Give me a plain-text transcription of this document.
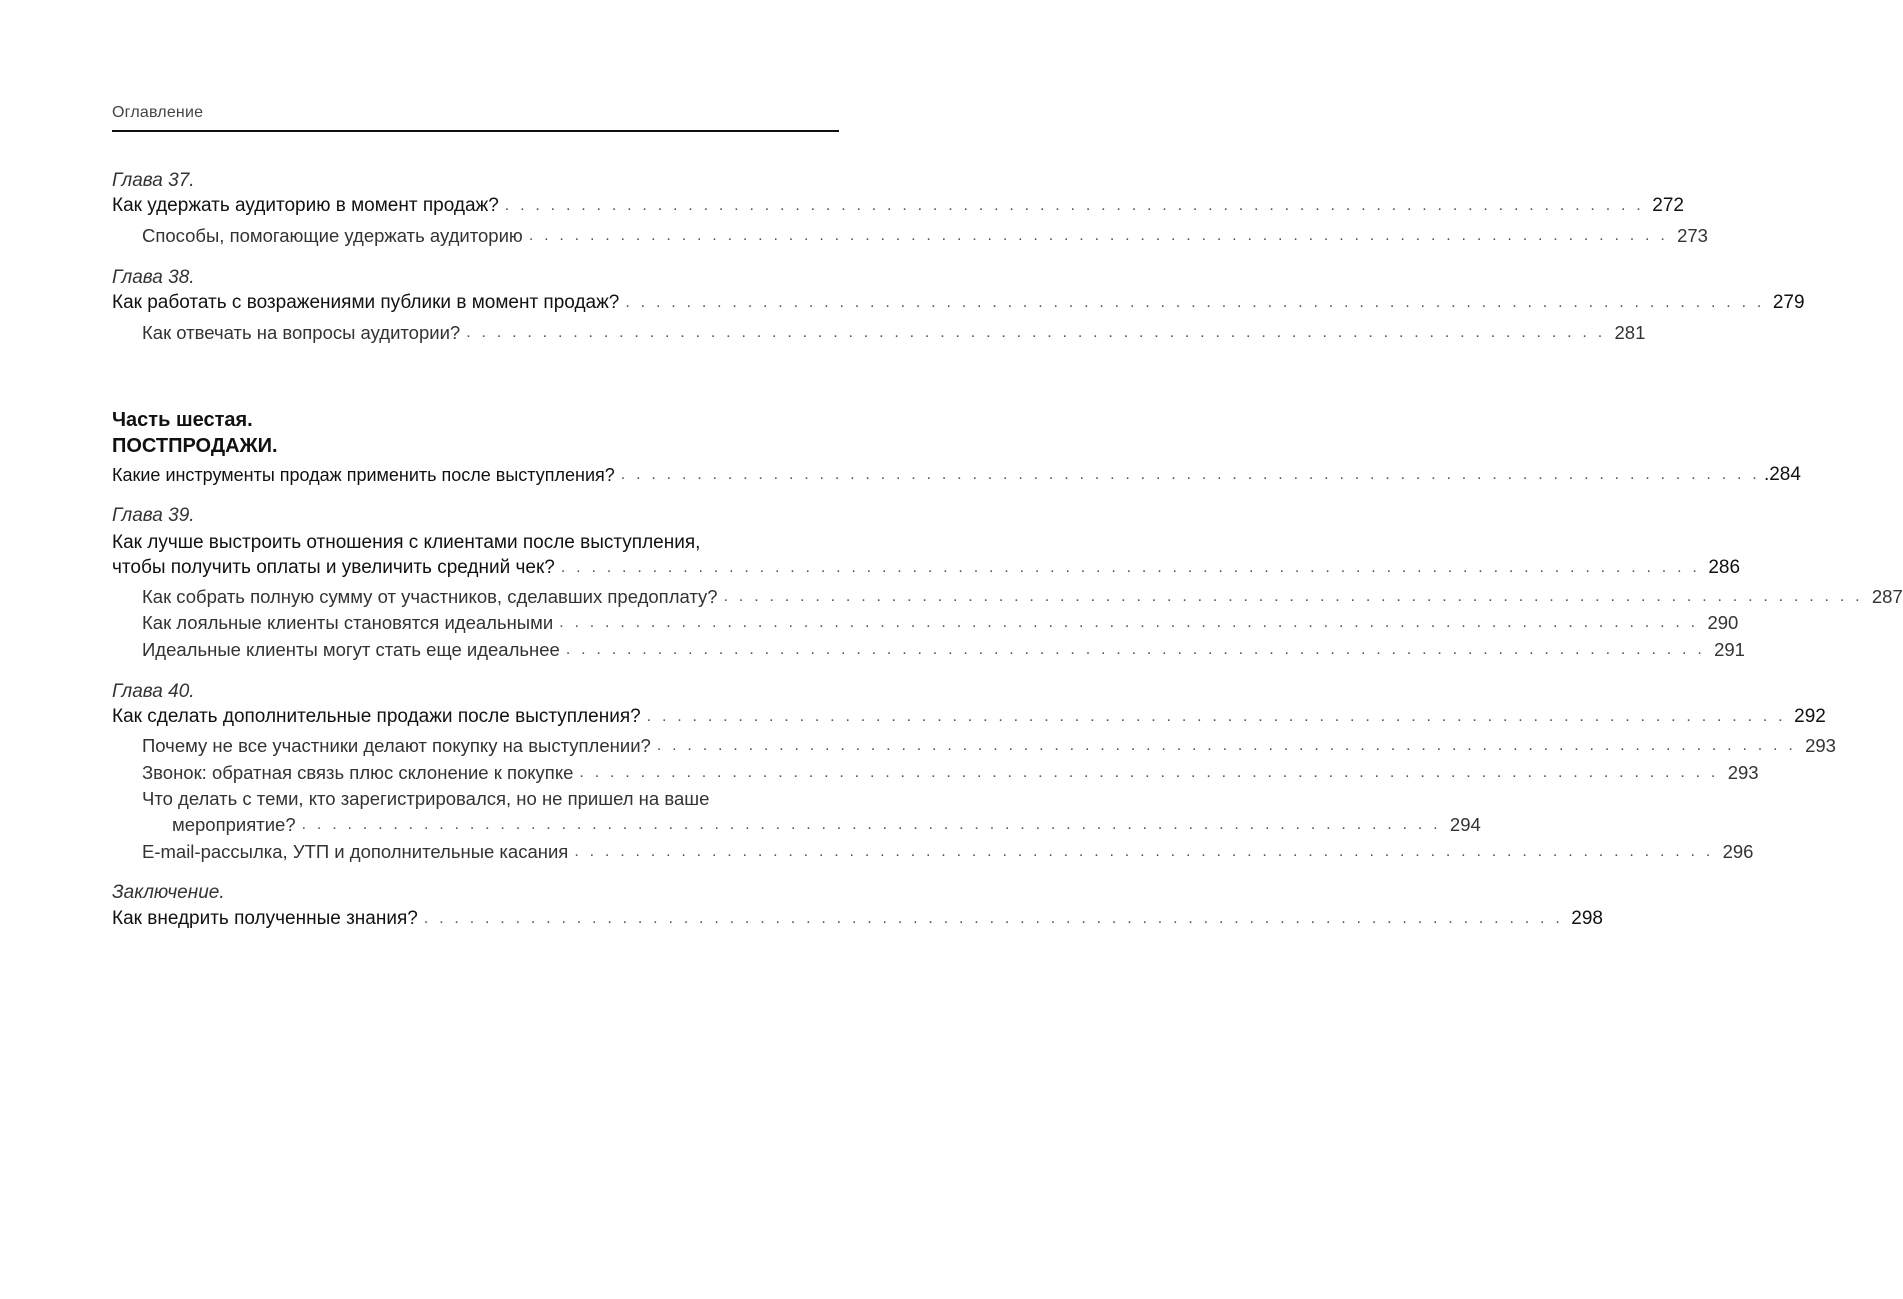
Оглавление
Глава 37.
Как удержать аудиторию в момент продаж? . . . . . . . . . . . . . . . . . . . . . . . . . . . . . . . . . . . . . . . . . . . . . . . . . . . . . . . . . . . . . . . . . . . . . . . . . . . 272
Способы, помогающие удержать аудиторию . . . . . . . . . . . . . . . . . . . . . . . . . . . . . . . . . . . . . . . . . . . . . . . . . . . . . . . . . . . . . . . . . . . . . . . . . . . 273
Глава 38.
Как работать с возражениями публики в момент продаж? . . . . . . . . . . . . . . . . . . . . . . . . . . . . . . . . . . . . . . . . . . . . . . . . . . . . . . . . . . . . . . . . . . . . . . . . . . . 279
Как отвечать на вопросы аудитории? . . . . . . . . . . . . . . . . . . . . . . . . . . . . . . . . . . . . . . . . . . . . . . . . . . . . . . . . . . . . . . . . . . . . . . . . . . . 281
Часть шестая.
ПОСТПРОДАЖИ.
Какие инструменты продаж применить после выступления? . . . . . . . . . . . . . . . . . . . . . . . . . . . . . . . . . . . . . . . . . . . . . . . . . . . . . . . . . . . . . . . . . . . . . . . . . . . .284
Глава 39.
Как лучше выстроить отношения с клиентами после выступления,
чтобы получить оплаты и увеличить средний чек? . . . . . . . . . . . . . . . . . . . . . . . . . . . . . . . . . . . . . . . . . . . . . . . . . . . . . . . . . . . . . . . . . . . . . . . . . . . 286
Как собрать полную сумму от участников, сделавших предоплату? . . . . . . . . . . . . . . . . . . . . . . . . . . . . . . . . . . . . . . . . . . . . . . . . . . . . . . . . . . . . . . . . . . . . . . . . . . . 287
Как лояльные клиенты становятся идеальными . . . . . . . . . . . . . . . . . . . . . . . . . . . . . . . . . . . . . . . . . . . . . . . . . . . . . . . . . . . . . . . . . . . . . . . . . . . 290
Идеальные клиенты могут стать еще идеальнее . . . . . . . . . . . . . . . . . . . . . . . . . . . . . . . . . . . . . . . . . . . . . . . . . . . . . . . . . . . . . . . . . . . . . . . . . . . 291
Глава 40.
Как сделать дополнительные продажи после выступления? . . . . . . . . . . . . . . . . . . . . . . . . . . . . . . . . . . . . . . . . . . . . . . . . . . . . . . . . . . . . . . . . . . . . . . . . . . . 292
Почему не все участники делают покупку на выступлении? . . . . . . . . . . . . . . . . . . . . . . . . . . . . . . . . . . . . . . . . . . . . . . . . . . . . . . . . . . . . . . . . . . . . . . . . . . . 293
Звонок: обратная связь плюс склонение к покупке . . . . . . . . . . . . . . . . . . . . . . . . . . . . . . . . . . . . . . . . . . . . . . . . . . . . . . . . . . . . . . . . . . . . . . . . . . . 293
Что делать с теми, кто зарегистрировался, но не пришел на ваше
мероприятие? . . . . . . . . . . . . . . . . . . . . . . . . . . . . . . . . . . . . . . . . . . . . . . . . . . . . . . . . . . . . . . . . . . . . . . . . . . . 294
E-mail-рассылка, УТП и дополнительные касания . . . . . . . . . . . . . . . . . . . . . . . . . . . . . . . . . . . . . . . . . . . . . . . . . . . . . . . . . . . . . . . . . . . . . . . . . . . 296
Заключение.
Как внедрить полученные знания? . . . . . . . . . . . . . . . . . . . . . . . . . . . . . . . . . . . . . . . . . . . . . . . . . . . . . . . . . . . . . . . . . . . . . . . . . . . 298
